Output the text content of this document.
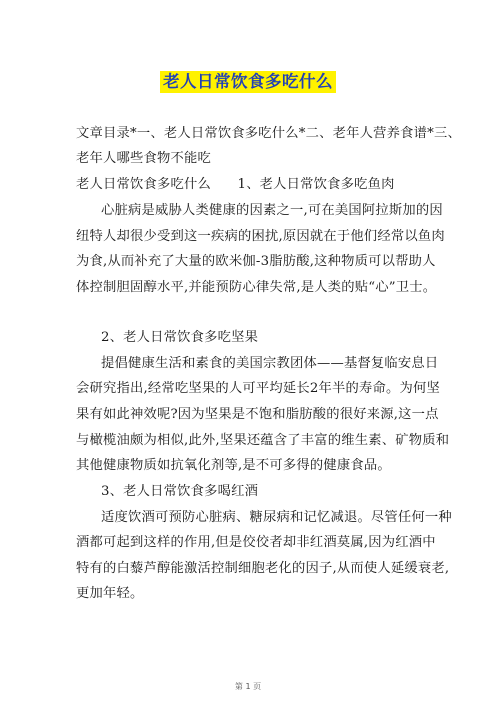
老人日常饮食多吃什么
文章目录*一、老人日常饮食多吃什么*二、老年人营养食谱*三、
老年人哪些食物不能吃
老人日常饮食多吃什么      1、老人日常饮食多吃鱼肉
心脏病是威胁人类健康的因素之一,可在美国阿拉斯加的因
纽特人却很少受到这一疾病的困扰,原因就在于他们经常以鱼肉
为食,从而补充了大量的欧米伽-3脂肪酸,这种物质可以帮助人
体控制胆固醇水平,并能预防心律失常,是人类的贴“心”卫士。
2、老人日常饮食多吃坚果
提倡健康生活和素食的美国宗教团体——基督复临安息日
会研究指出,经常吃坚果的人可平均延长2年半的寿命。为何坚
果有如此神效呢?因为坚果是不饱和脂肪酸的很好来源,这一点
与橄榄油颇为相似,此外,坚果还蕴含了丰富的维生素、矿物质和
其他健康物质如抗氧化剂等,是不可多得的健康食品。
3、老人日常饮食多喝红酒
适度饮酒可预防心脏病、糖尿病和记忆减退。尽管任何一种
酒都可起到这样的作用,但是佼佼者却非红酒莫属,因为红酒中
特有的白藜芦醇能激活控制细胞老化的因子,从而使人延缓衰老,
更加年轻。
第 1 页
